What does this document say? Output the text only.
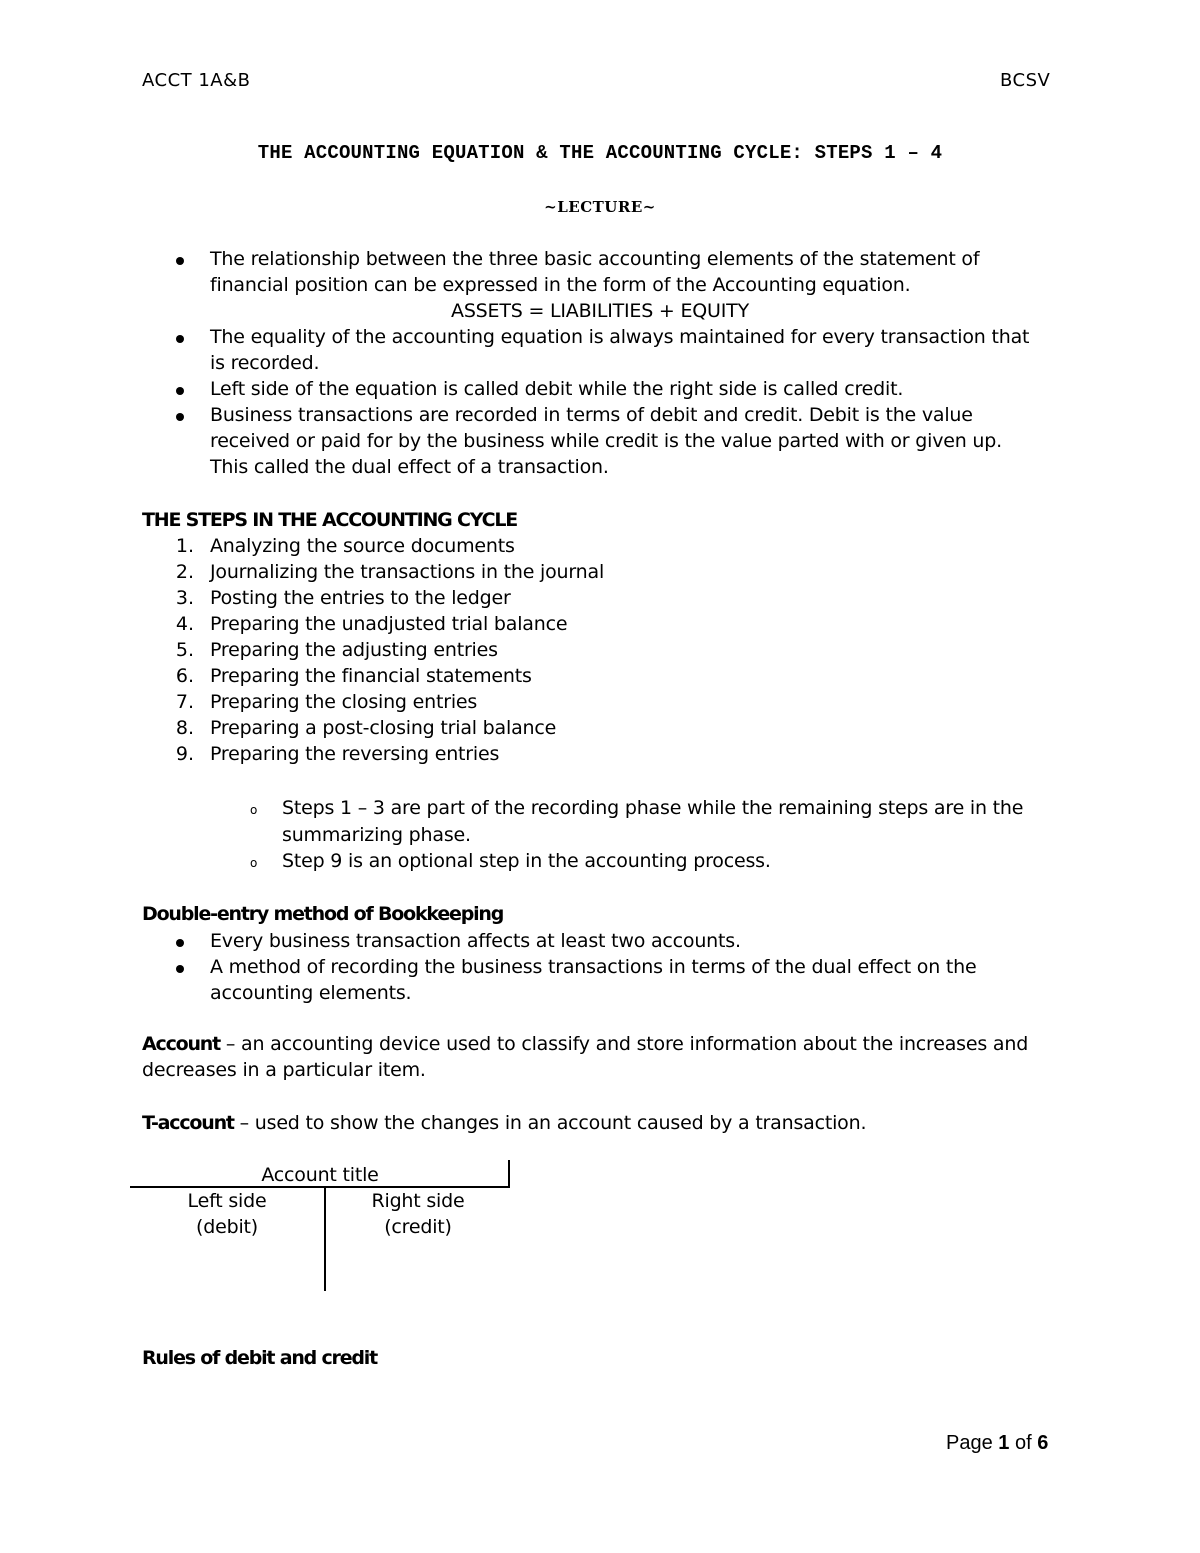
ACCT 1A&B	BCSV
THE ACCOUNTING EQUATION & THE ACCOUNTING CYCLE: STEPS 1 – 4
~LECTURE~
The relationship between the three basic accounting elements of the statement of
financial position can be expressed in the form of the Accounting equation.
ASSETS = LIABILITIES + EQUITY
The equality of the accounting equation is always maintained for every transaction that
is recorded.
Left side of the equation is called debit while the right side is called credit.
Business transactions are recorded in terms of debit and credit. Debit is the value
received or paid for by the business while credit is the value parted with or given up.
This called the dual effect of a transaction.
THE STEPS IN THE ACCOUNTING CYCLE
1. Analyzing the source documents
2. Journalizing the transactions in the journal
3. Posting the entries to the ledger
4. Preparing the unadjusted trial balance
5. Preparing the adjusting entries
6. Preparing the financial statements
7. Preparing the closing entries
8. Preparing a post-closing trial balance
9. Preparing the reversing entries
o Steps 1 – 3 are part of the recording phase while the remaining steps are in the
summarizing phase.
o Step 9 is an optional step in the accounting process.
Double-entry method of Bookkeeping
Every business transaction affects at least two accounts.
A method of recording the business transactions in terms of the dual effect on the
accounting elements.
Account – an accounting device used to classify and store information about the increases and
decreases in a particular item.
T-account – used to show the changes in an account caused by a transaction.
Account title
Left side
(debit)
Right side
(credit)
Rules of debit and credit
Page 1 of 6
